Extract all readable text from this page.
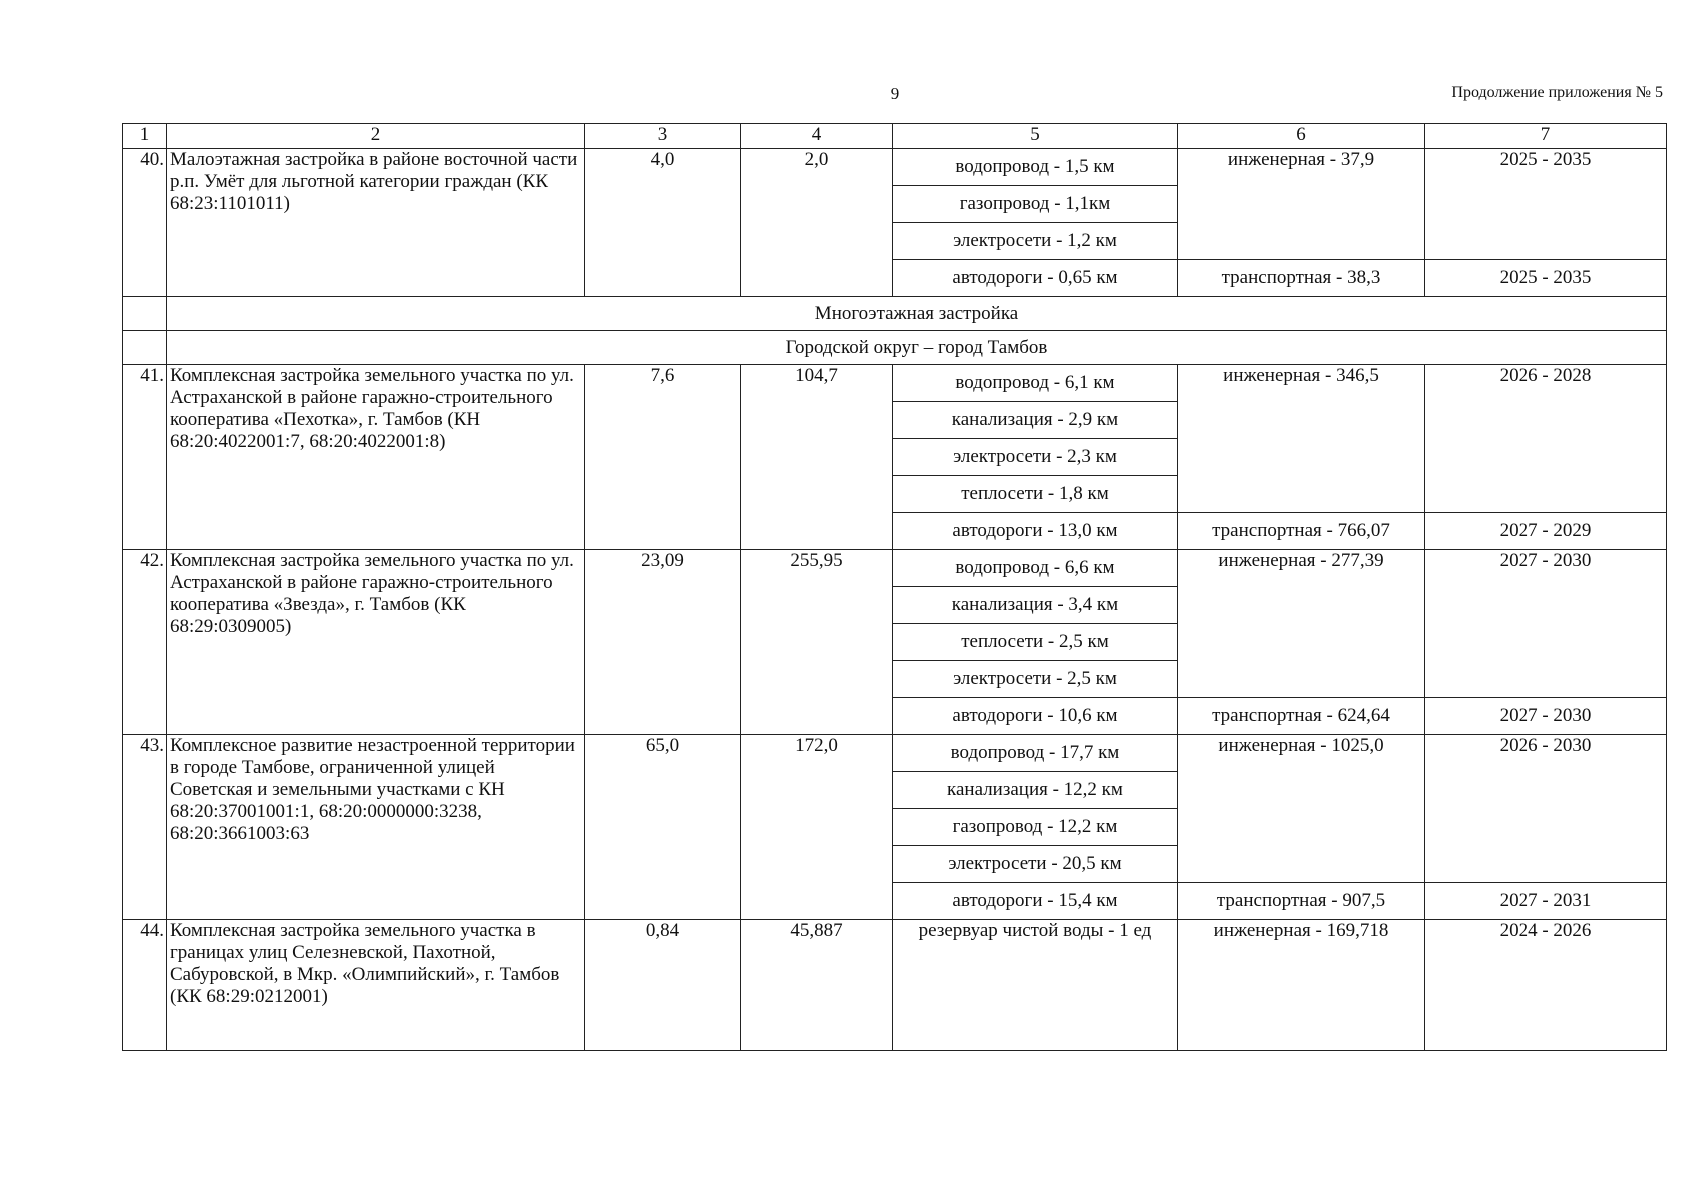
9	Продолжение приложения № 5
1	2	3	4	5	6	7
40.	Малоэтажная застройка в районе восточной части р.п. Умёт для льготной категории граждан (КК 68:23:1101011)	4,0	2,0	водопровод - 1,5 км	инженерная - 37,9	2025 - 2035
				газопровод - 1,1км		
				электросети - 1,2 км		
				автодороги - 0,65 км	транспортная - 38,3	2025 - 2035
	Многоэтажная застройка					
	Городской округ – город Тамбов					
41.	Комплексная застройка земельного участка по ул. Астраханской в районе гаражно-строительного кооператива «Пехотка», г. Тамбов (КН 68:20:4022001:7, 68:20:4022001:8)	7,6	104,7	водопровод - 6,1 км	инженерная - 346,5	2026 - 2028
				канализация - 2,9 км		
				электросети - 2,3 км		
				теплосети - 1,8 км		
				автодороги - 13,0 км	транспортная - 766,07	2027 - 2029
42.	Комплексная застройка земельного участка по ул. Астраханской в районе гаражно-строительного кооператива «Звезда», г. Тамбов (КК 68:29:0309005)	23,09	255,95	водопровод - 6,6 км	инженерная - 277,39	2027 - 2030
				канализация - 3,4 км		
				теплосети - 2,5 км		
				электросети - 2,5 км		
				автодороги - 10,6 км	транспортная - 624,64	2027 - 2030
43.	Комплексное развитие незастроенной территории в городе Тамбове, ограниченной улицей Советская и земельными участками с КН 68:20:37001001:1, 68:20:0000000:3238, 68:20:3661003:63	65,0	172,0	водопровод - 17,7 км	инженерная - 1025,0	2026 - 2030
				канализация - 12,2 км		
				газопровод - 12,2 км		
				электросети - 20,5 км		
				автодороги - 15,4 км	транспортная - 907,5	2027 - 2031
44.	Комплексная застройка земельного участка в границах улиц Селезневской, Пахотной, Сабуровской, в Мкр. «Олимпийский», г. Тамбов (КК 68:29:0212001)	0,84	45,887	резервуар чистой воды - 1 ед	инженерная - 169,718	2024 - 2026
